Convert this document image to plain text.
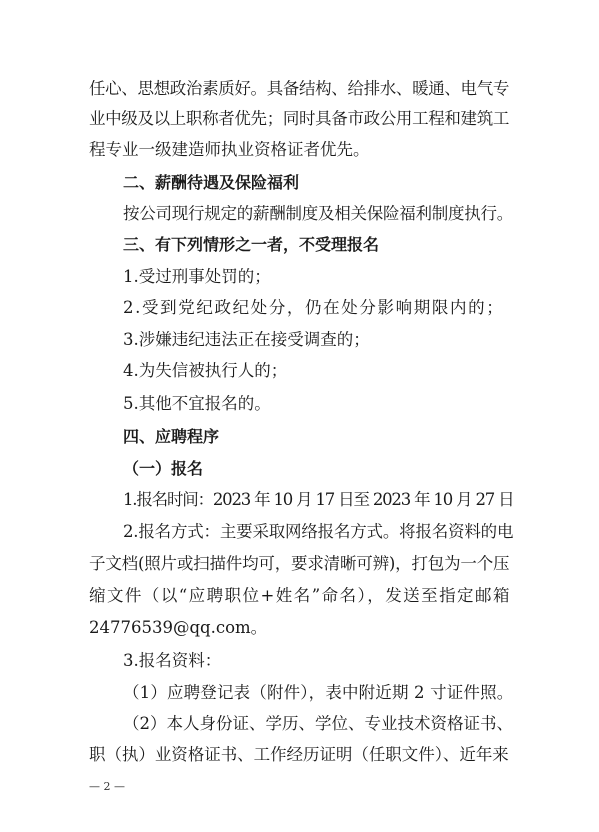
任心、思想政治素质好。具备结构、给排水、暖通、电气专
业中级及以上职称者优先；同时具备市政公用工程和建筑工
程专业一级建造师执业资格证者优先。
二、薪酬待遇及保险福利
按公司现行规定的薪酬制度及相关保险福利制度执行。
三、有下列情形之一者，不受理报名
1.受过刑事处罚的；
2.受到党纪政纪处分，仍在处分影响期限内的；
3.涉嫌违纪违法正在接受调查的；
4.为失信被执行人的；
5.其他不宜报名的。
四、应聘程序
（一）报名
1.报名时间：2023 年 10 月 17 日至 2023 年 10 月 27 日
2.报名方式：主要采取网络报名方式。将报名资料的电
子文档(照片或扫描件均可，要求清晰可辨)，打包为一个压
缩文件（以“应聘职位+姓名”命名），发送至指定邮箱
24776539@qq.com。
3.报名资料：
（1）应聘登记表（附件），表中附近期 2 寸证件照。
（2）本人身份证、学历、学位、专业技术资格证书、
职（执）业资格证书、工作经历证明（任职文件）、近年来
— 2 —
